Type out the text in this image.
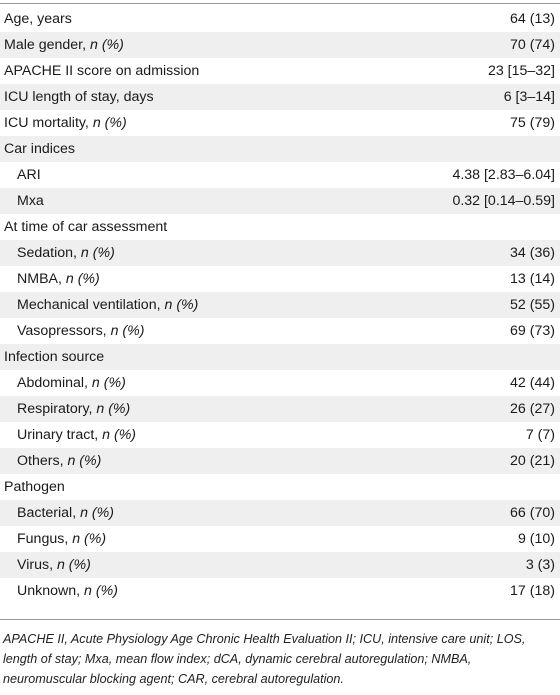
Age, years	64 (13)
Male gender, n (%)	70 (74)
APACHE II score on admission	23 [15–32]
ICU length of stay, days	6 [3–14]
ICU mortality, n (%)	75 (79)
Car indices	
ARI	4.38 [2.83–6.04]
Mxa	0.32 [0.14–0.59]
At time of car assessment	
Sedation, n (%)	34 (36)
NMBA, n (%)	13 (14)
Mechanical ventilation, n (%)	52 (55)
Vasopressors, n (%)	69 (73)
Infection source	
Abdominal, n (%)	42 (44)
Respiratory, n (%)	26 (27)
Urinary tract, n (%)	7 (7)
Others, n (%)	20 (21)
Pathogen	
Bacterial, n (%)	66 (70)
Fungus, n (%)	9 (10)
Virus, n (%)	3 (3)
Unknown, n (%)	17 (18)
APACHE II, Acute Physiology Age Chronic Health Evaluation II; ICU, intensive care unit; LOS, length of stay; Mxa, mean flow index; dCA, dynamic cerebral autoregulation; NMBA, neuromuscular blocking agent; CAR, cerebral autoregulation.
